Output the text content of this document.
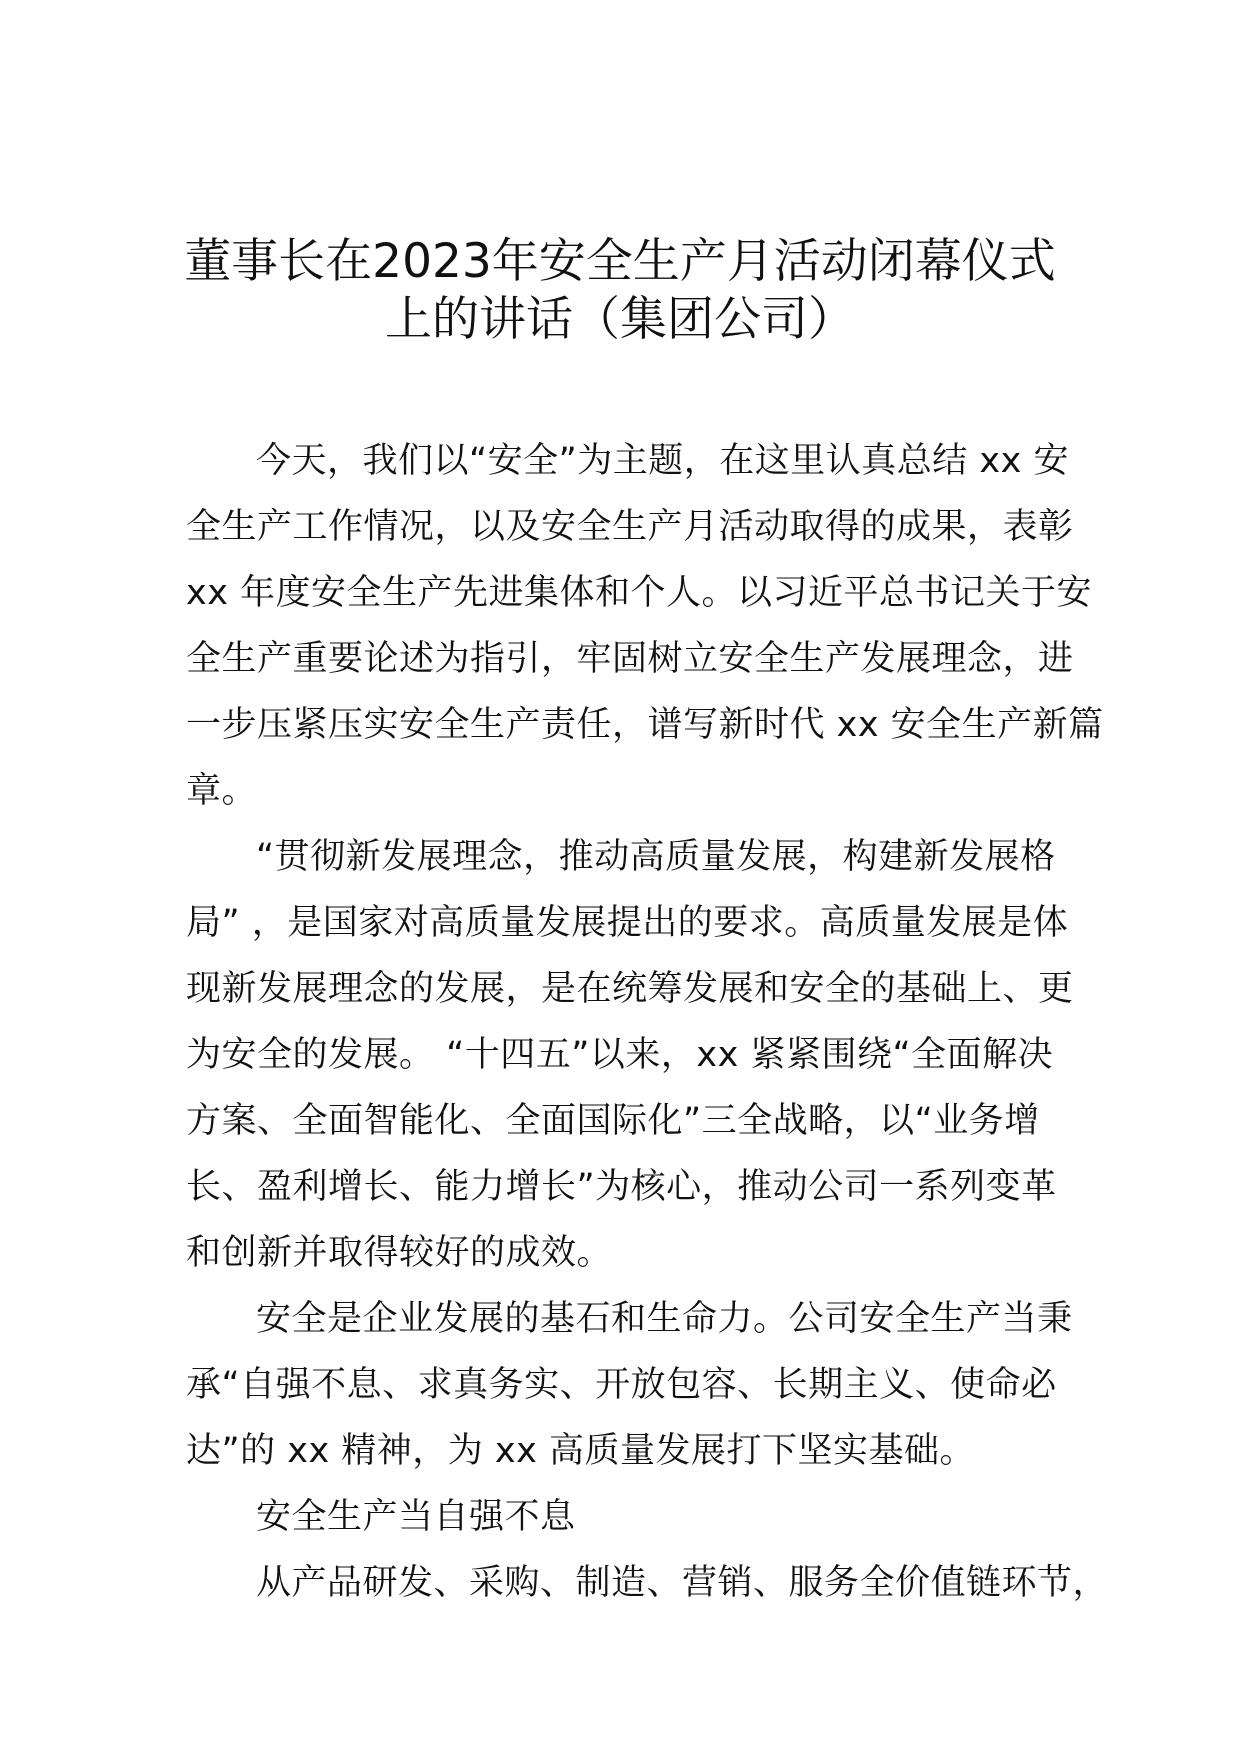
董事长在2023年安全生产月活动闭幕仪式
上的讲话（集团公司）
今天，我们以“安全”为主题，在这里认真总结 xx 安
全生产工作情况，以及安全生产月活动取得的成果，表彰
xx 年度安全生产先进集体和个人。以习近平总书记关于安
全生产重要论述为指引，牢固树立安全生产发展理念，进
一步压紧压实安全生产责任，谱写新时代 xx 安全生产新篇
章。
“贯彻新发展理念，推动高质量发展，构建新发展格
局” ，是国家对高质量发展提出的要求。高质量发展是体
现新发展理念的发展，是在统筹发展和安全的基础上、更
为安全的发展。 “十四五”以来，xx 紧紧围绕“全面解决
方案、全面智能化、全面国际化”三全战略，以“业务增
长、盈利增长、能力增长”为核心，推动公司一系列变革
和创新并取得较好的成效。
安全是企业发展的基石和生命力。公司安全生产当秉
承“自强不息、求真务实、开放包容、长期主义、使命必
达”的 xx 精神，为 xx 高质量发展打下坚实基础。
安全生产当自强不息
从产品研发、采购、制造、营销、服务全价值链环节，
